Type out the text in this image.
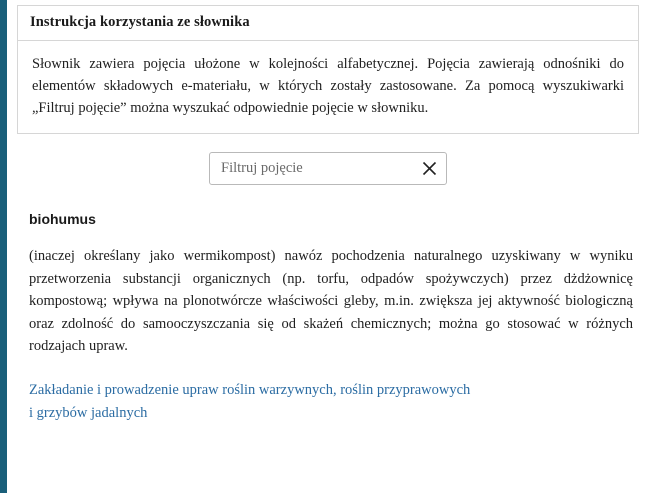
Instrukcja korzystania ze słownika
Słownik zawiera pojęcia ułożone w kolejności alfabetycznej. Pojęcia zawierają odnośniki do elementów składowych e-materiału, w których zostały zastosowane. Za pomocą wyszukiwarki „Filtruj pojęcie” można wyszukać odpowiednie pojęcie w słowniku.
Filtruj pojęcie
biohumus

(inaczej określany jako wermikompost) nawóz pochodzenia naturalnego uzyskiwany w wyniku przetworzenia substancji organicznych (np. torfu, odpadów spożywczych) przez dżdżownicę kompostową; wpływa na plonotwórcze właściwości gleby, m.in. zwiększa jej aktywność biologiczną oraz zdolność do samooczyszczania się od skażeń chemicznych; można go stosować w różnych rodzajach upraw.

Zakładanie i prowadzenie upraw roślin warzywnych, roślin przyprawowych
i grzybów jadalnych
